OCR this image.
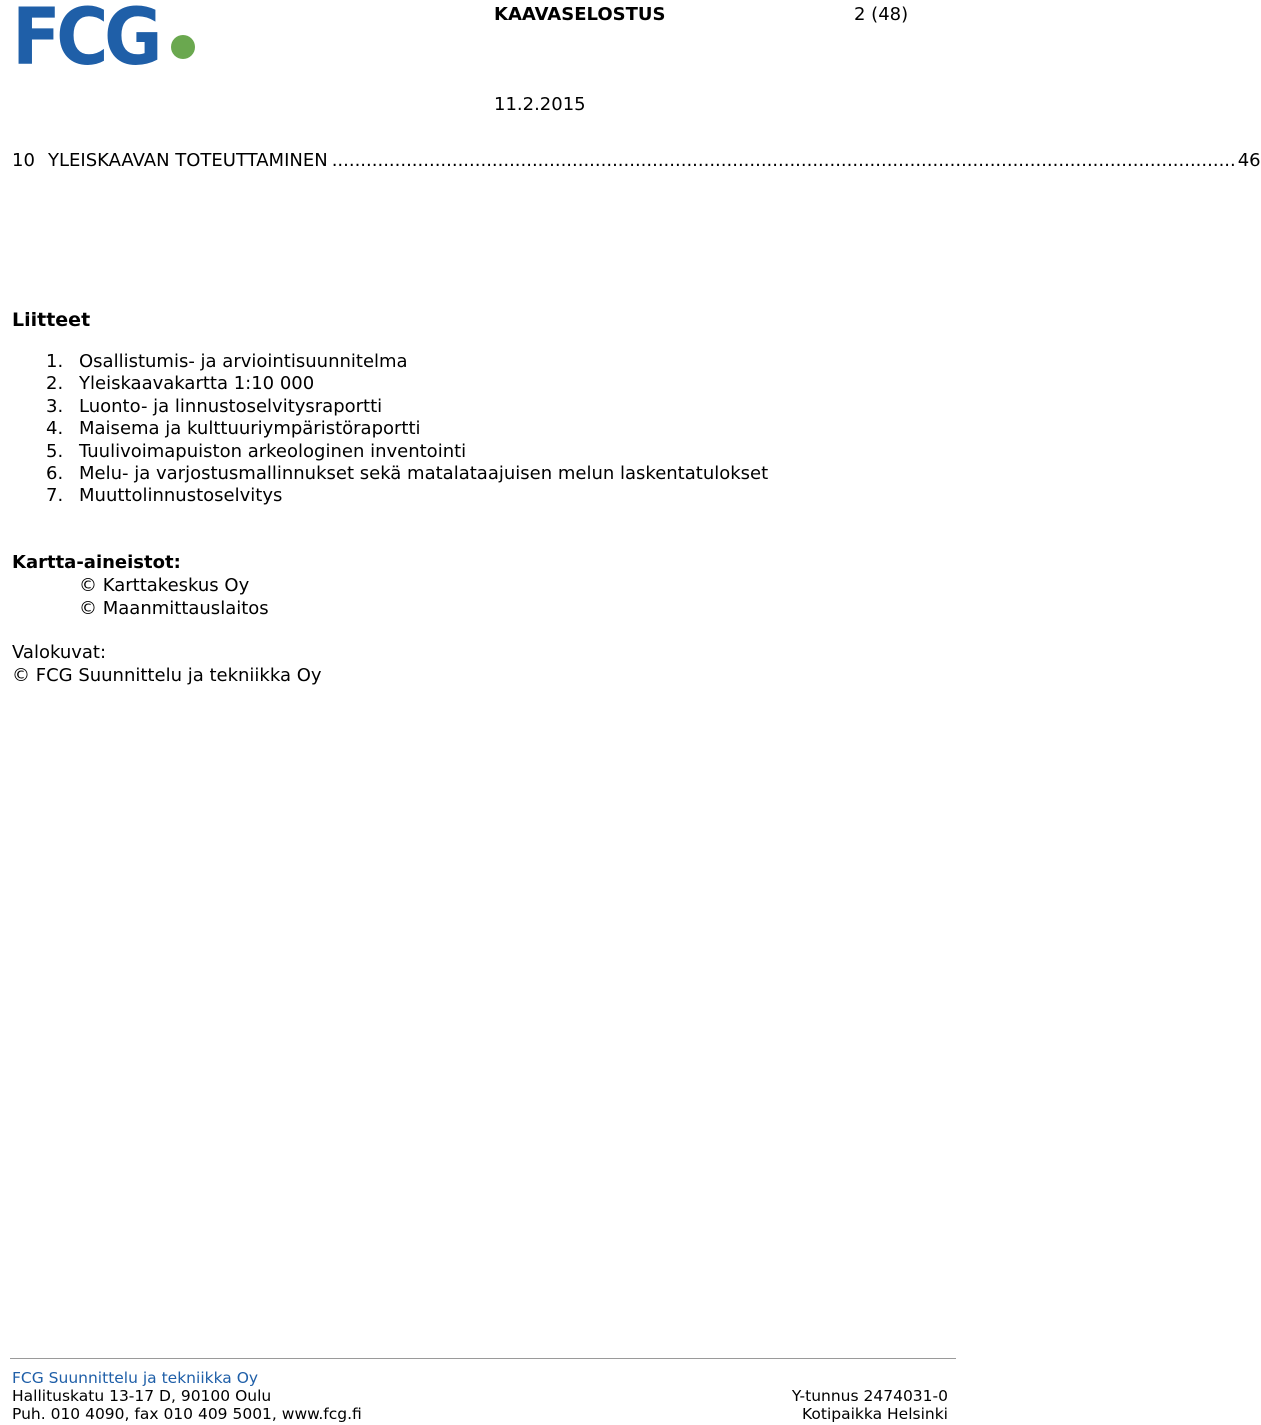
FCG	KAAVASELOSTUS	2 (48)
11.2.2015
10 YLEISKAAVAN TOTEUTTAMINEN .............................................................................................................................................................. 46
Liitteet
1. Osallistumis- ja arviointisuunnitelma
2. Yleiskaavakartta 1:10 000
3. Luonto- ja linnustoselvitysraportti
4. Maisema ja kulttuuriympäristöraportti
5. Tuulivoimapuiston arkeologinen inventointi
6. Melu- ja varjostusmallinnukset sekä matalataajuisen melun laskentatulokset
7. Muuttolinnustoselvitys
Kartta-aineistot:
© Karttakeskus Oy
© Maanmittauslaitos
Valokuvat:
© FCG Suunnittelu ja tekniikka Oy
FCG Suunnittelu ja tekniikka Oy
Hallituskatu 13-17 D, 90100 Oulu	Y-tunnus 2474031-0
Puh. 010 4090, fax 010 409 5001, www.fcg.fi	Kotipaikka Helsinki
